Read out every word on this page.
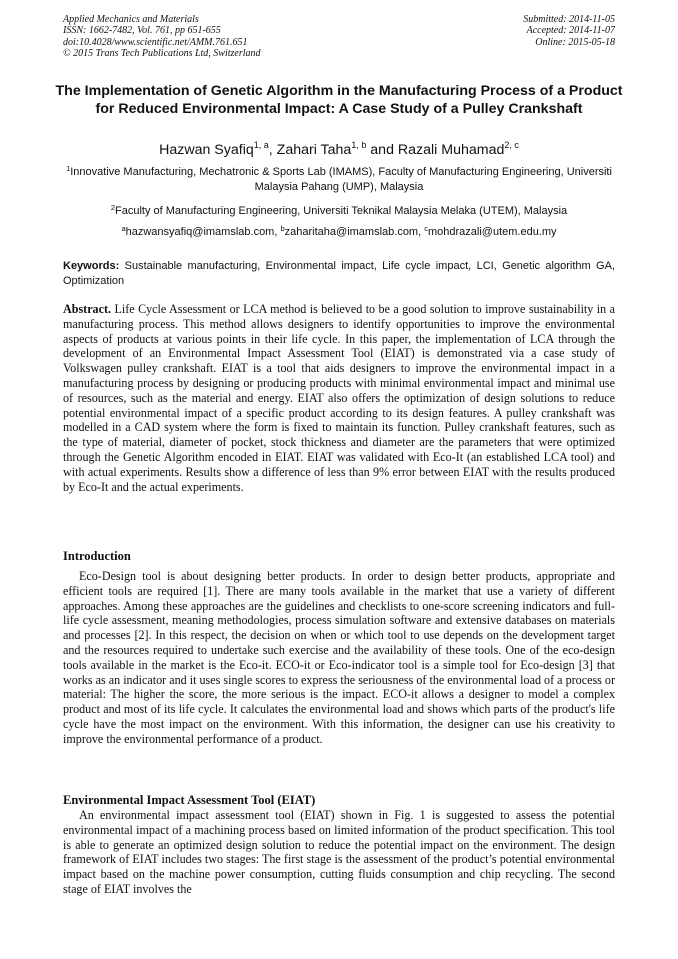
Applied Mechanics and Materials
ISSN: 1662-7482, Vol. 761, pp 651-655
doi:10.4028/www.scientific.net/AMM.761.651
© 2015 Trans Tech Publications Ltd, Switzerland
Submitted: 2014-11-05
Accepted: 2014-11-07
Online: 2015-05-18
The Implementation of Genetic Algorithm in the Manufacturing Process of a Product for Reduced Environmental Impact: A Case Study of a Pulley Crankshaft
Hazwan Syafiq$^{1, a}$, Zahari Taha$^{1, b}$ and Razali Muhamad$^{2, c}$
$^1$Innovative Manufacturing, Mechatronic & Sports Lab (IMAMS), Faculty of Manufacturing Engineering, Universiti Malaysia Pahang (UMP), Malaysia
$^2$Faculty of Manufacturing Engineering, Universiti Teknikal Malaysia Melaka (UTEM), Malaysia
$^a$hazwansyafiq@imamslab.com, $^b$zaharitaha@imamslab.com, $^c$mohdrazali@utem.edu.my
Keywords: Sustainable manufacturing, Environmental impact, Life cycle impact, LCI, Genetic algorithm GA, Optimization
Abstract. Life Cycle Assessment or LCA method is believed to be a good solution to improve sustainability in a manufacturing process. This method allows designers to identify opportunities to improve the environmental aspects of products at various points in their life cycle. In this paper, the implementation of LCA through the development of an Environmental Impact Assessment Tool (EIAT) is demonstrated via a case study of Volkswagen pulley crankshaft. EIAT is a tool that aids designers to improve the environmental impact in a manufacturing process by designing or producing products with minimal environmental impact and minimal use of resources, such as the material and energy. EIAT also offers the optimization of design solutions to reduce potential environmental impact of a specific product according to its design features. A pulley crankshaft was modelled in a CAD system where the form is fixed to maintain its function. Pulley crankshaft features, such as the type of material, diameter of pocket, stock thickness and diameter are the parameters that were optimized through the Genetic Algorithm encoded in EIAT. EIAT was validated with Eco-It (an established LCA tool) and with actual experiments. Results show a difference of less than 9% error between EIAT with the results produced by Eco-It and the actual experiments.
Introduction
Eco-Design tool is about designing better products. In order to design better products, appropriate and efficient tools are required [1]. There are many tools available in the market that use a variety of different approaches. Among these approaches are the guidelines and checklists to one-score screening indicators and full-life cycle assessment, meaning methodologies, process simulation software and extensive databases on materials and processes [2]. In this respect, the decision on when or which tool to use depends on the development target and the resources required to undertake such exercise and the availability of these tools. One of the eco-design tools available in the market is the Eco-it. ECO-it or Eco-indicator tool is a simple tool for Eco-design [3] that works as an indicator and it uses single scores to express the seriousness of the environmental load of a process or material: The higher the score, the more serious is the impact. ECO-it allows a designer to model a complex product and most of its life cycle. It calculates the environmental load and shows which parts of the product's life cycle have the most impact on the environment. With this information, the designer can use his creativity to improve the environmental performance of a product.
Environmental Impact Assessment Tool (EIAT)
An environmental impact assessment tool (EIAT) shown in Fig. 1 is suggested to assess the potential environmental impact of a machining process based on limited information of the product specification. This tool is able to generate an optimized design solution to reduce the potential impact on the environment. The design framework of EIAT includes two stages: The first stage is the assessment of the product’s potential environmental impact based on the machine power consumption, cutting fluids consumption and chip recycling. The second stage of EIAT involves the
